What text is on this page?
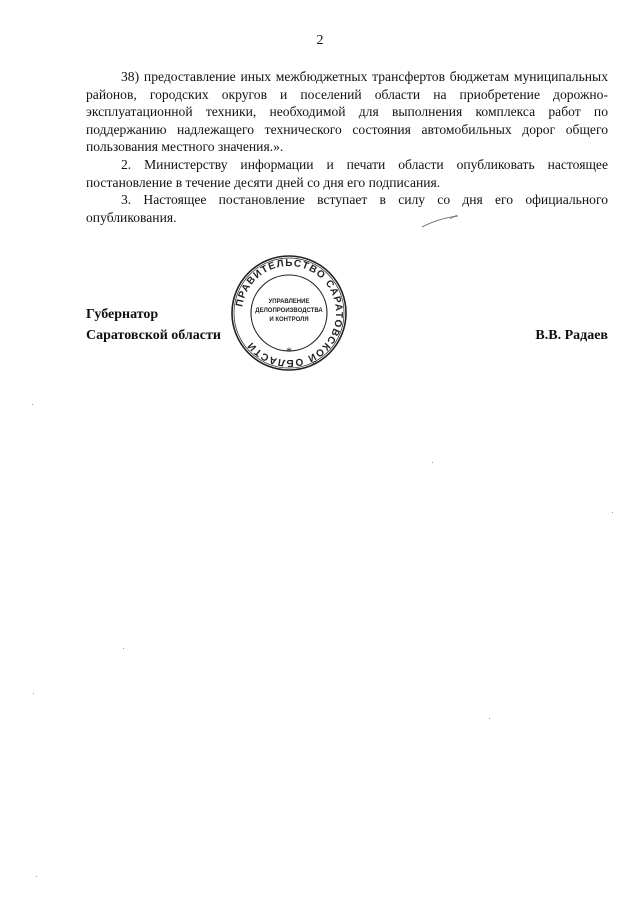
2

38) предоставление иных межбюджетных трансфертов бюджетам муниципальных районов, городских округов и поселений области на приобретение дорожно-эксплуатационной техники, необходимой для выполнения комплекса работ по поддержанию надлежащего технического состояния автомобильных дорог общего пользования местного значения.».

2. Министерству информации и печати области опубликовать настоящее постановление в течение десяти дней со дня его подписания.

3. Настоящее постановление вступает в силу со дня его официального опубликования.

Губернатор
Саратовской области	В.В. Радаев
ПРАВИТЕЛЬСТВО САРАТОВСКОЙ ОБЛАСТИ
УПРАВЛЕНИЕ
ДЕЛОПРОИЗВОДСТВА
И КОНТРОЛЯ
*
